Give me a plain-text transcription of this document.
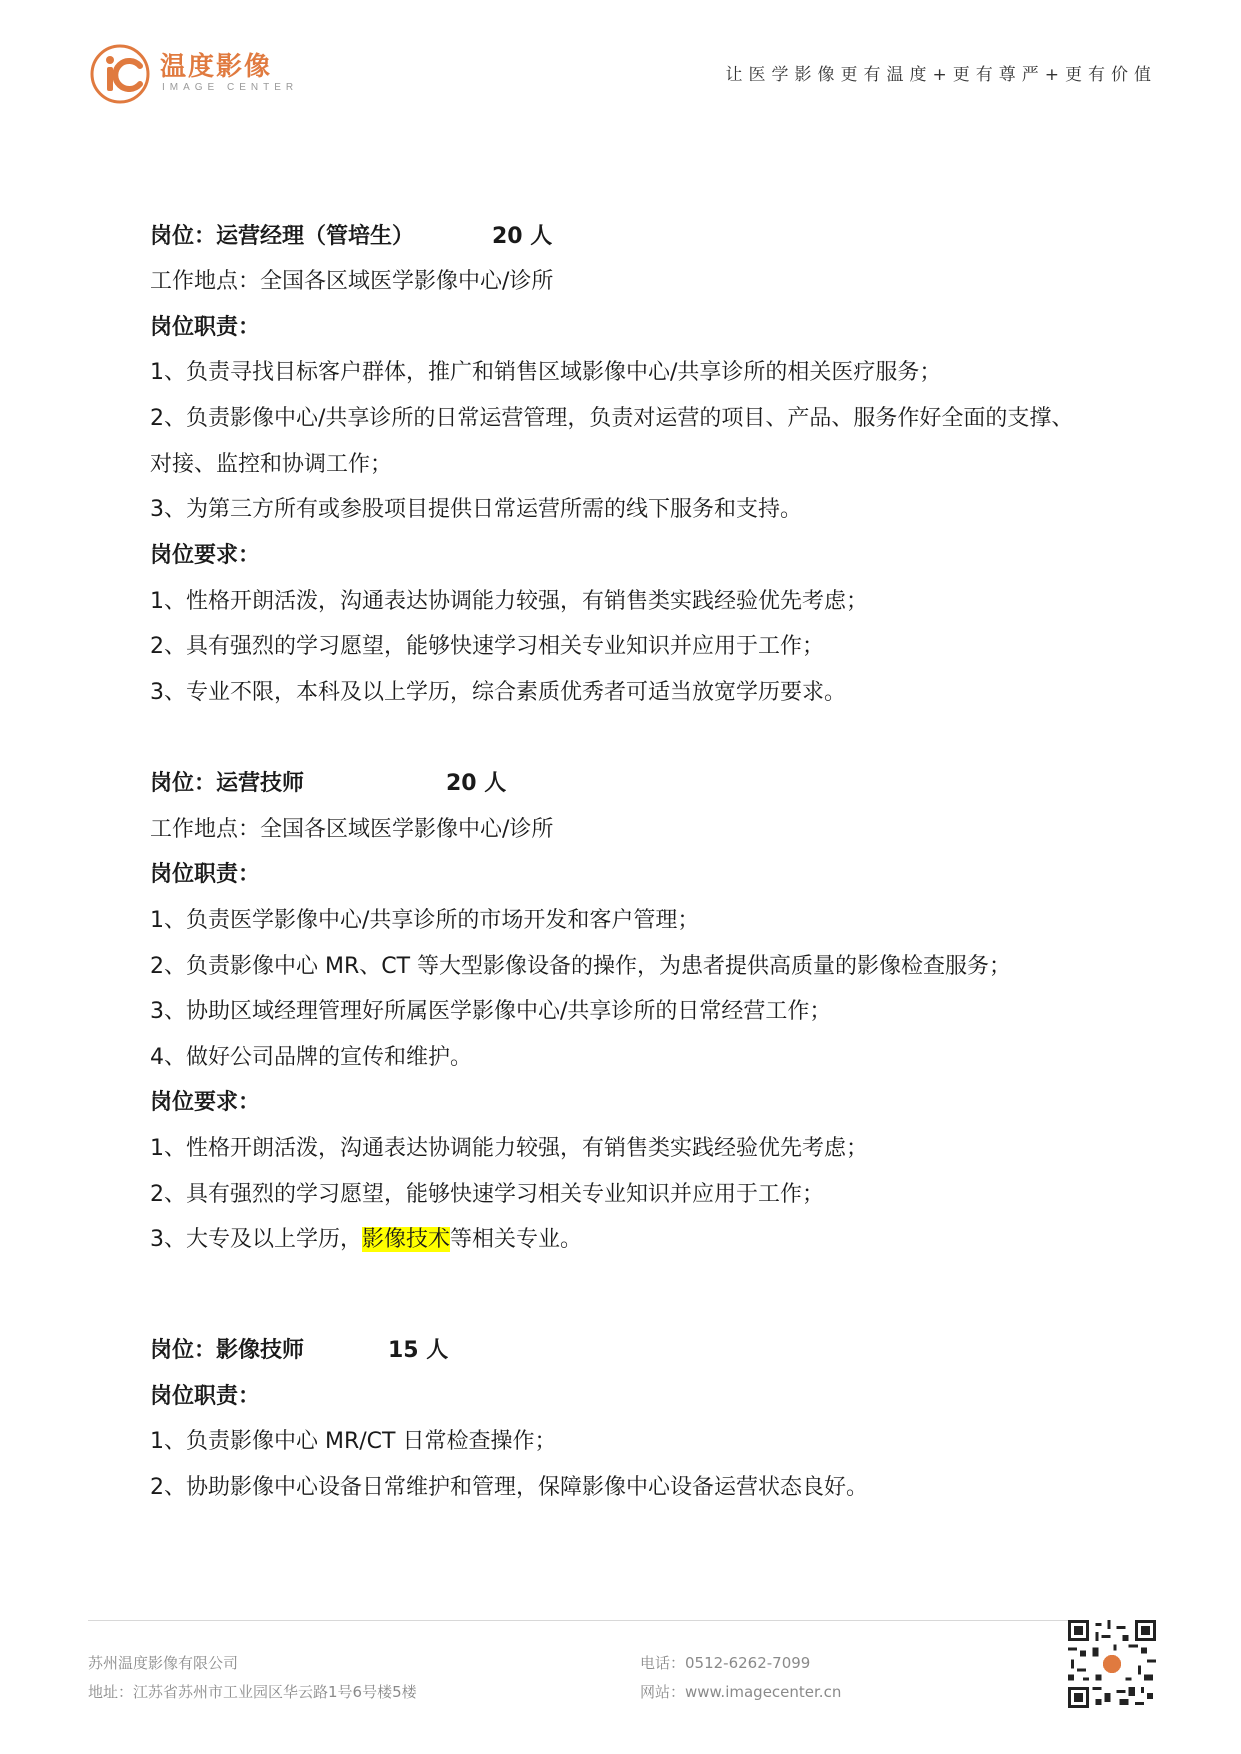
温度影像
IMAGE CENTER
让医学影像更有温度+更有尊严+更有价值
岗位：运营经理（管培生）	20 人
工作地点：全国各区域医学影像中心/诊所
岗位职责：
1、负责寻找目标客户群体，推广和销售区域影像中心/共享诊所的相关医疗服务；
2、负责影像中心/共享诊所的日常运营管理，负责对运营的项目、产品、服务作好全面的支撑、
对接、监控和协调工作；
3、为第三方所有或参股项目提供日常运营所需的线下服务和支持。
岗位要求：
1、性格开朗活泼，沟通表达协调能力较强，有销售类实践经验优先考虑；
2、具有强烈的学习愿望，能够快速学习相关专业知识并应用于工作；
3、专业不限，本科及以上学历，综合素质优秀者可适当放宽学历要求。
岗位：运营技师	20 人
工作地点：全国各区域医学影像中心/诊所
岗位职责：
1、负责医学影像中心/共享诊所的市场开发和客户管理；
2、负责影像中心 MR、CT 等大型影像设备的操作，为患者提供高质量的影像检查服务；
3、协助区域经理管理好所属医学影像中心/共享诊所的日常经营工作；
4、做好公司品牌的宣传和维护。
岗位要求：
1、性格开朗活泼，沟通表达协调能力较强，有销售类实践经验优先考虑；
2、具有强烈的学习愿望，能够快速学习相关专业知识并应用于工作；
3、大专及以上学历，影像技术等相关专业。
岗位：影像技师	15 人
岗位职责：
1、负责影像中心 MR/CT 日常检查操作；
2、协助影像中心设备日常维护和管理，保障影像中心设备运营状态良好。
苏州温度影像有限公司
地址：江苏省苏州市工业园区华云路1号6号楼5楼
电话：0512-6262-7099
网站：www.imagecenter.cn
